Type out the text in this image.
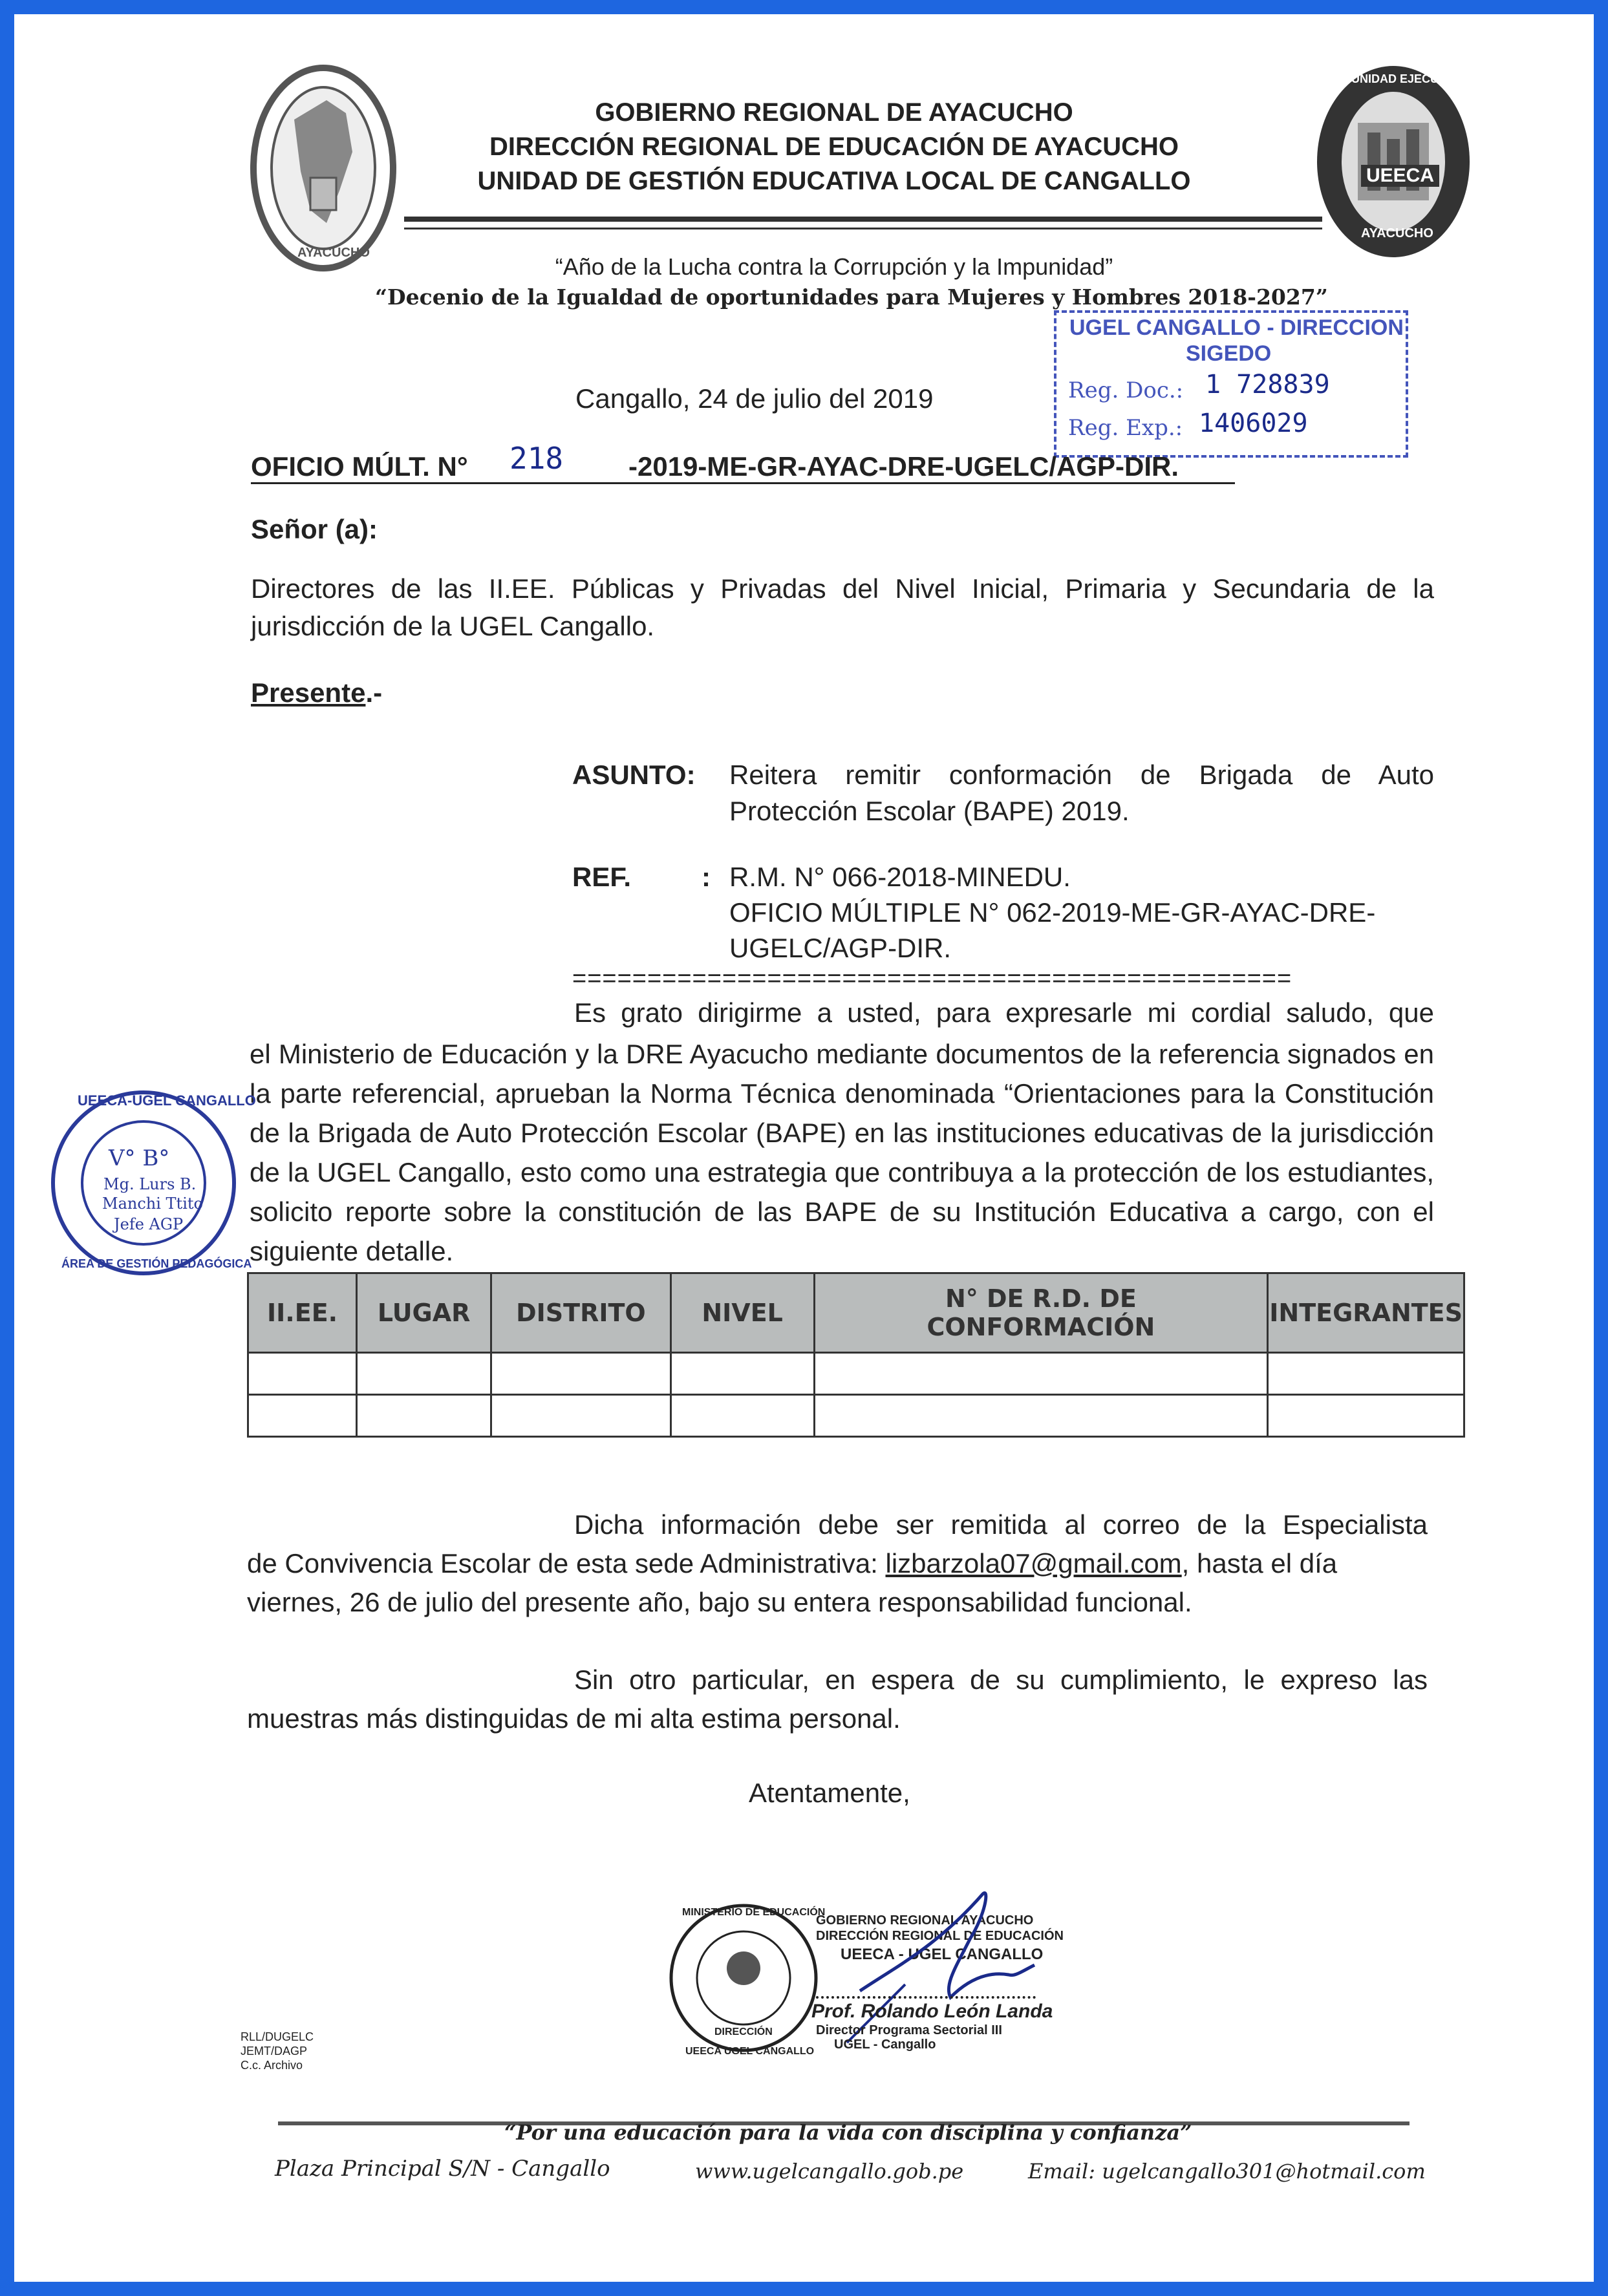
AYACUCHO
UNIDAD EJECUTORA N° 301
UEECA
AYACUCHO
GOBIERNO REGIONAL DE AYACUCHO
DIRECCIÓN REGIONAL DE EDUCACIÓN DE AYACUCHO
UNIDAD DE GESTIÓN EDUCATIVA LOCAL DE CANGALLO
“Año de la Lucha contra la Corrupción y la Impunidad”
“Decenio de la Igualdad de oportunidades para Mujeres y Hombres 2018-2027”
UGEL CANGALLO - DIRECCION
SIGEDO
Reg. Doc.: 1 728839
Reg. Exp.: 1406029
Cangallo, 24 de julio del 2019
OFICIO MÚLT. N° 218 -2019-ME-GR-AYAC-DRE-UGELC/AGP-DIR.
Señor (a):
Directores de las II.EE. Públicas y Privadas del Nivel Inicial, Primaria y Secundaria de la jurisdicción de la UGEL Cangallo.
Presente.-
ASUNTO: Reitera remitir conformación de Brigada de Auto
Protección Escolar (BAPE) 2019.
REF.	: R.M. N° 066-2018-MINEDU.
OFICIO MÚLTIPLE N° 062-2019-ME-GR-AYAC-DRE-
UGELC/AGP-DIR.
================================================
Es grato dirigirme a usted, para expresarle mi cordial saludo, que
el Ministerio de Educación y la DRE Ayacucho mediante documentos de la referencia signados en la parte referencial, aprueban la Norma Técnica denominada “Orientaciones para la Constitución de la Brigada de Auto Protección Escolar (BAPE) en las instituciones educativas de la jurisdicción de la UGEL Cangallo, esto como una estrategia que contribuya a la protección de los estudiantes, solicito reporte sobre la constitución de las BAPE de su Institución Educativa a cargo, con el siguiente detalle.
UEECA-UGEL CANGALLO
ÁREA DE GESTIÓN PEDAGÓGICA
V° B°
Mg. Lurs B.
Manchi Ttito
Jefe AGP
II.EE.	LUGAR	DISTRITO	NIVEL	N° DE R.D. DE CONFORMACIÓN	INTEGRANTES

Dicha información debe ser remitida al correo de la Especialista
de Convivencia Escolar de esta sede Administrativa: lizbarzola07@gmail.com, hasta el día
viernes, 26 de julio del presente año, bajo su entera responsabilidad funcional.
Sin otro particular, en espera de su cumplimiento, le expreso las
muestras más distinguidas de mi alta estima personal.
Atentamente,
MINISTERIO DE EDUCACIÓN
DIRECCIÓN
UEECA UGEL CANGALLO
GOBIERNO REGIONAL AYACUCHO
DIRECCIÓN REGIONAL DE EDUCACIÓN
UEECA - UGEL CANGALLO
Prof. Rolando León Landa
Director Programa Sectorial III
UGEL - Cangallo
RLL/DUGELC
JEMT/DAGP
C.c. Archivo
“Por una educación para la vida con disciplina y confianza”
Plaza Principal S/N - Cangallo	www.ugelcangallo.gob.pe	Email: ugelcangallo301@hotmail.com
